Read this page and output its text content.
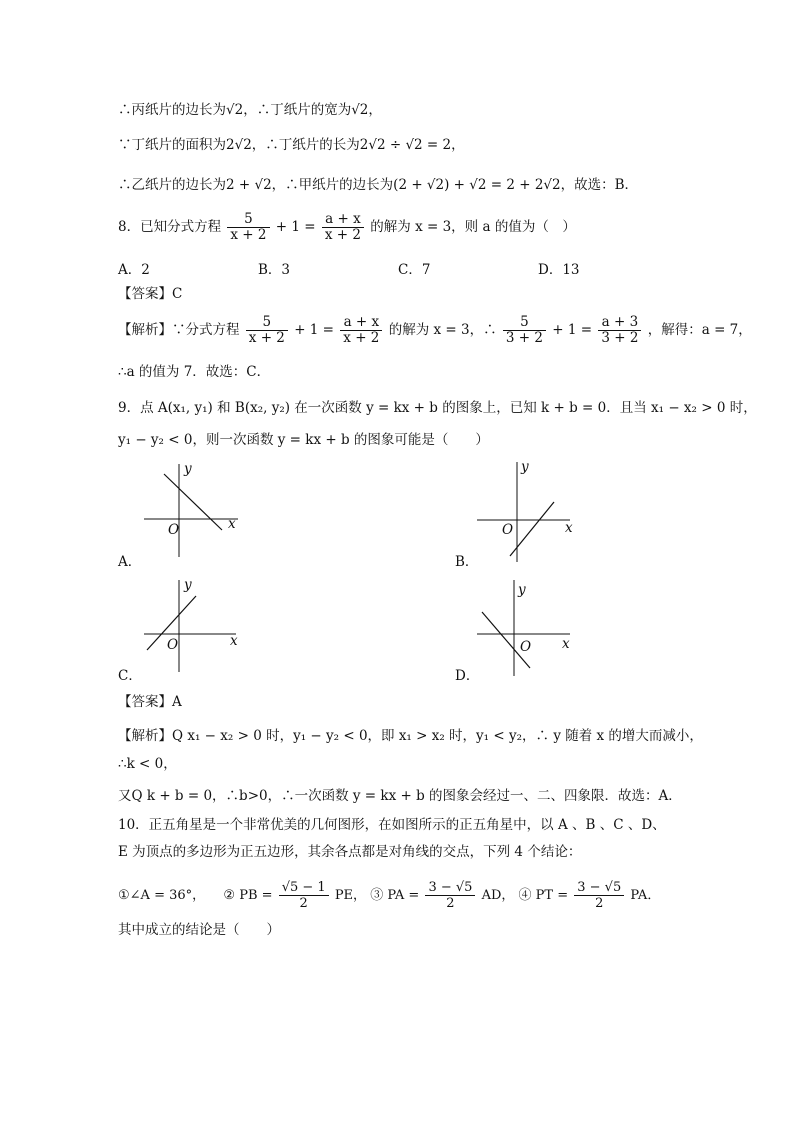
∴丙纸片的边长为√2，∴丁纸片的宽为√2，
∵丁纸片的面积为2√2，∴丁纸片的长为2√2 ÷ √2 = 2，
∴乙纸片的边长为2 + √2，∴甲纸片的边长为(2 + √2) + √2 = 2 + 2√2，故选：B．
8．已知分式方程 $\frac{5}{x + 2} + 1 = \frac{a + x}{x + 2}$ 的解为 x = 3，则 a 的值为（　）
A．2	B．3	C．7	D．13
【答案】C
【解析】∵分式方程 $\frac{5}{x + 2} + 1 = \frac{a + x}{x + 2}$ 的解为 x = 3，∴ $\frac{5}{3 + 2} + 1 = \frac{a + 3}{3 + 2}$ ，解得：a = 7，
∴a 的值为 7．故选：C．
9．点 A(x₁, y₁) 和 B(x₂, y₂) 在一次函数 y = kx + b 的图象上，已知 k + b = 0．且当 x₁ − x₂ > 0 时，
y₁ − y₂ < 0，则一次函数 y = kx + b 的图象可能是（　　）
y
x
O
A．
y
x
O
B．
y
x
O
C．
y
x
O
D．
【答案】A
【解析】Q x₁ − x₂ > 0 时，y₁ − y₂ < 0，即 x₁ > x₂ 时，y₁ < y₂，∴ y 随着 x 的增大而减小，
∴k < 0，
又Q k + b = 0，∴b>0，∴一次函数 y = kx + b 的图象会经过一、二、四象限．故选：A．
10．正五角星是一个非常优美的几何图形，在如图所示的正五角星中，以 A 、B 、C 、D、
E 为顶点的多边形为正五边形，其余各点都是对角线的交点，下列 4 个结论：
①∠A = 36°， ② PB = $\frac{√5 - 1}{2}$ PE， ③ PA = $\frac{3 - √5}{2}$ AD， ④ PT = $\frac{3 - √5}{2}$ PA．
其中成立的结论是（　　）
